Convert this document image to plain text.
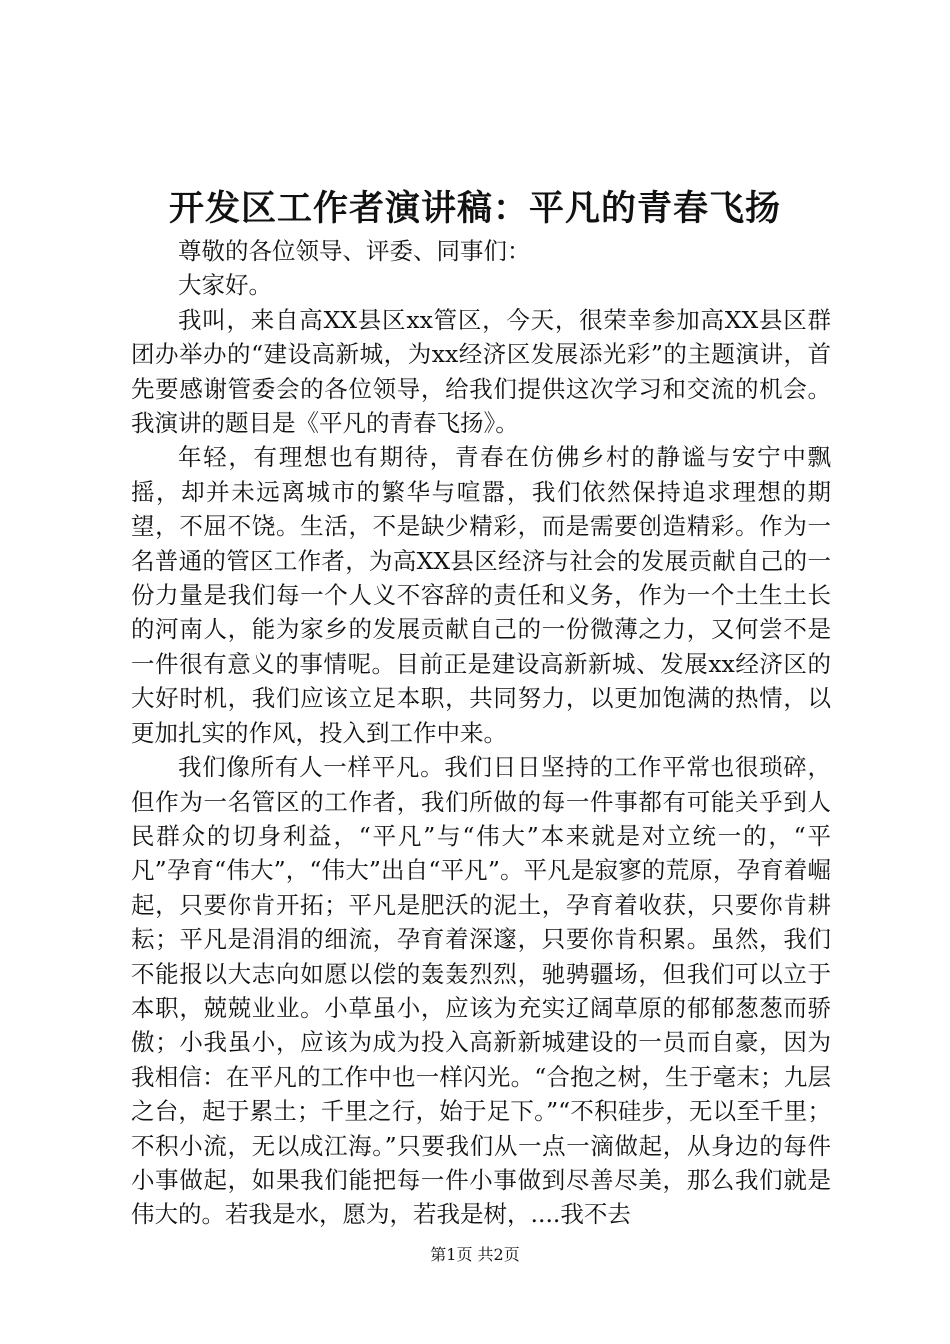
开发区工作者演讲稿：平凡的青春飞扬

尊敬的各位领导、评委、同事们：

大家好。

我叫，来自高XX县区xx管区，今天，很荣幸参加高XX县区群团办举办的“建设高新城，为xx经济区发展添光彩”的主题演讲，首先要感谢管委会的各位领导，给我们提供这次学习和交流的机会。我演讲的题目是《平凡的青春飞扬》。

年轻，有理想也有期待，青春在仿佛乡村的静谧与安宁中飘摇，却并未远离城市的繁华与喧嚣，我们依然保持追求理想的期望，不屈不饶。生活，不是缺少精彩，而是需要创造精彩。作为一名普通的管区工作者，为高XX县区经济与社会的发展贡献自己的一份力量是我们每一个人义不容辞的责任和义务，作为一个土生土长的河南人，能为家乡的发展贡献自己的一份微薄之力，又何尝不是一件很有意义的事情呢。目前正是建设高新新城、发展xx经济区的大好时机，我们应该立足本职，共同努力，以更加饱满的热情，以更加扎实的作风，投入到工作中来。

我们像所有人一样平凡。我们日日坚持的工作平常也很琐碎，但作为一名管区的工作者，我们所做的每一件事都有可能关乎到人民群众的切身利益，“平凡”与“伟大”本来就是对立统一的，“平凡”孕育“伟大”，“伟大”出自“平凡”。平凡是寂寥的荒原，孕育着崛起，只要你肯开拓；平凡是肥沃的泥土，孕育着收获，只要你肯耕耘；平凡是涓涓的细流，孕育着深邃，只要你肯积累。虽然，我们不能报以大志向如愿以偿的轰轰烈烈，驰骋疆场，但我们可以立于本职，兢兢业业。小草虽小，应该为充实辽阔草原的郁郁葱葱而骄傲；小我虽小，应该为成为投入高新新城建设的一员而自豪，因为我相信：在平凡的工作中也一样闪光。“合抱之树，生于毫末；九层之台，起于累土；千里之行，始于足下。”“不积硅步，无以至千里；不积小流，无以成江海。”只要我们从一点一滴做起，从身边的每件小事做起，如果我们能把每一件小事做到尽善尽美，那么我们就是伟大的。若我是水，愿为，若我是树，....我不去

第1页 共2页
